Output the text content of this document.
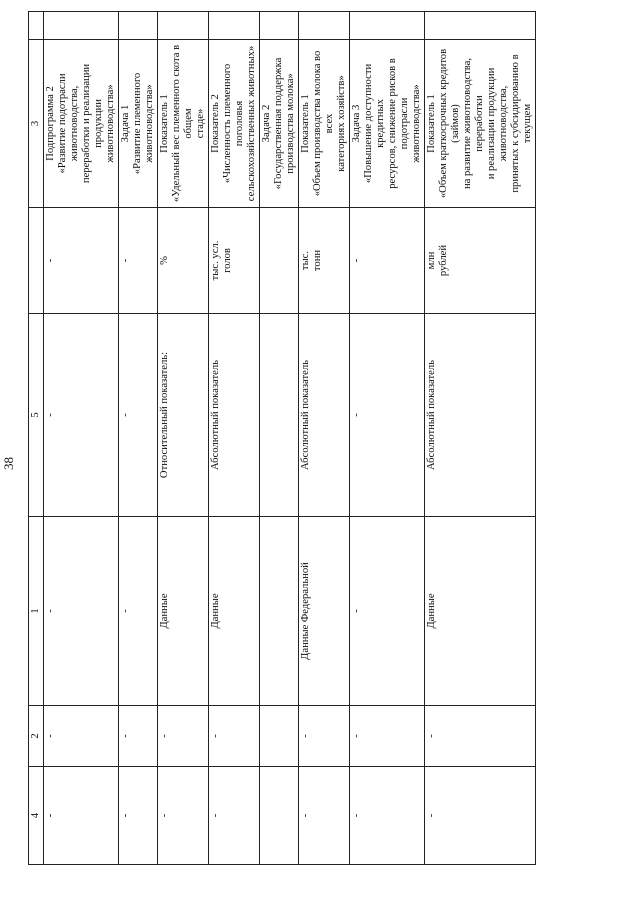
38
4	2	1	5		3	

-	-	-	-	-	Подпрограмма 2 «Развитие подотрасли животноводства, переработки и реализации продукции животноводства»	

-	-	-	-	-	Задача 1 «Развитие племенного животноводства»	

-	-	Данные	Относительный показатель:	%	Показатель 1 «Удельный вес племенного скота в общем стаде»	

-	-	Данные	Абсолютный показатель	тыс. усл. голов	Показатель 2 «Численность племенного поголовья сельскохозяйственных животных»	

					Задача 2 «Государственная поддержка производства молока»	

-	-	Данные Федеральной	Абсолютный показатель	тыс. тонн	Показатель 1 «Объем производства молока во всех категориях хозяйств»	

-	-	-	-	-	Задача 3 «Повышение доступности кредитных ресурсов, снижение рисков в подотрасли животноводства»	

-	-	Данные	Абсолютный показатель	млн рублей	Показатель 1 «Объем краткосрочных кредитов (займов) на развитие животноводства, переработки и реализации продукции животноводства, принятых к субсидированию в текущем	
